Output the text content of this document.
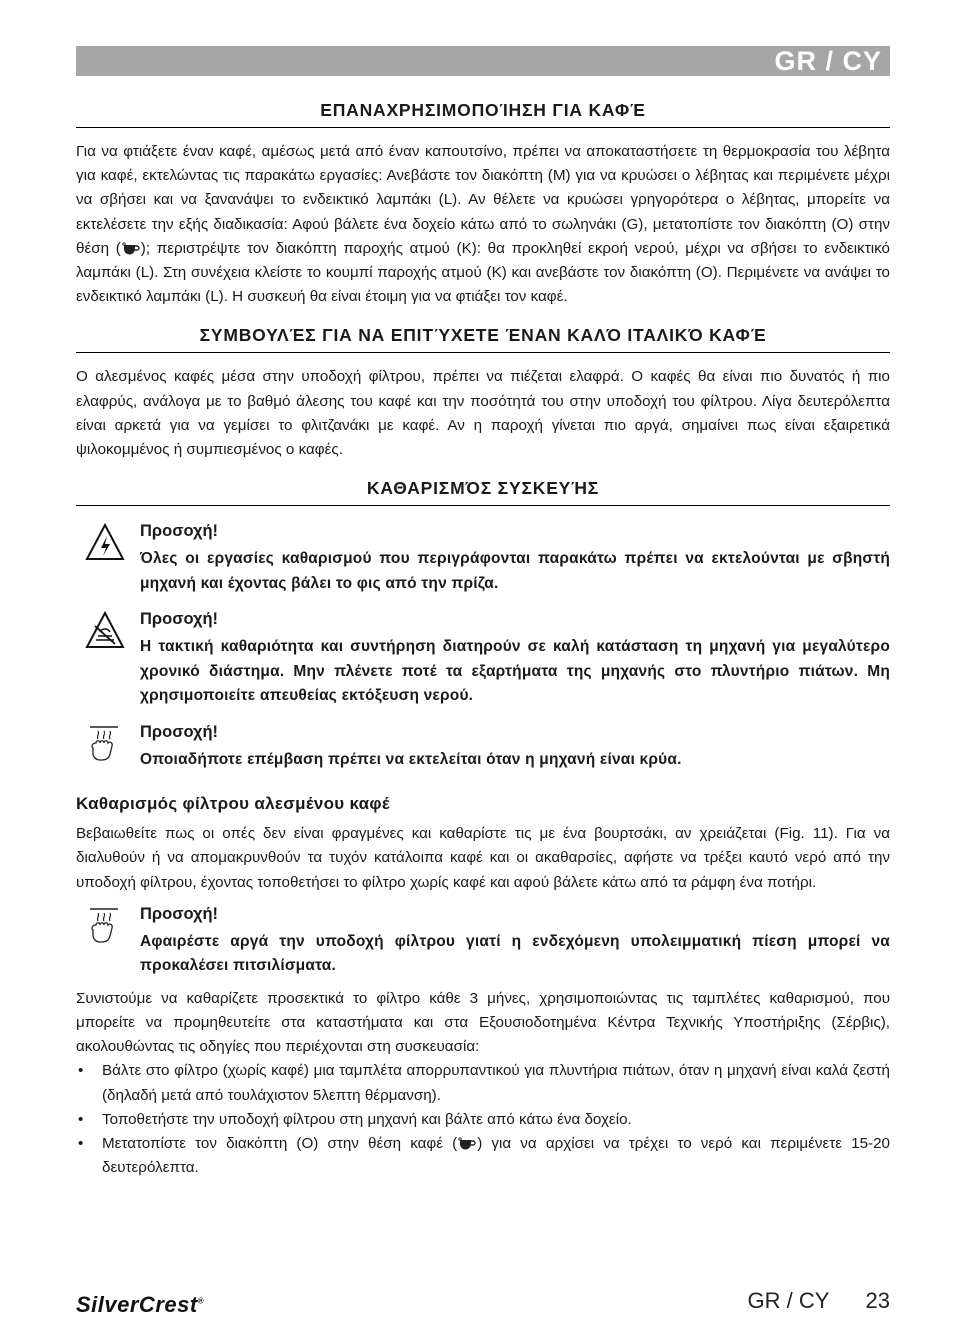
GR / CY
ΕΠΑΝΑΧΡΗΣΙΜΟΠΟΊΗΣΗ ΓΙΑ ΚΑΦΈ

Για να φτιάξετε έναν καφέ, αμέσως μετά από έναν καπουτσίνο, πρέπει να αποκαταστήσετε τη θερμοκρασία του λέβητα για καφέ, εκτελώντας τις παρακάτω εργασίες: Ανεβάστε τον διακόπτη (M) για να κρυώσει ο λέβητας και περιμένετε μέχρι να σβήσει και να ξανανάψει το ενδεικτικό λαμπάκι (L). Αν θέλετε να κρυώσει γρηγορότερα ο λέβητας, μπορείτε να εκτελέσετε την εξής διαδικασία: Αφού βάλετε ένα δοχείο κάτω από το σωληνάκι (G), μετατοπίστε τον διακόπτη (O) στην θέση ( ); περιστρέψτε τον διακόπτη παροχής ατμού (K): θα προκληθεί εκροή νερού, μέχρι να σβήσει το ενδεικτικό λαμπάκι (L). Στη συνέχεια κλείστε το κουμπί παροχής ατμού (K) και ανεβάστε τον διακόπτη (O). Περιμένετε να ανάψει το ενδεικτικό λαμπάκι (L). Η συσκευή θα είναι έτοιμη για να φτιάξει τον καφέ.

ΣΥΜΒΟΥΛΈΣ ΓΙΑ ΝΑ ΕΠΙΤΎΧΕΤΕ ΈΝΑΝ ΚΑΛΌ ΙΤΑΛΙΚΌ ΚΑΦΈ

Ο αλεσμένος καφές μέσα στην υποδοχή φίλτρου, πρέπει να πιέζεται ελαφρά. Ο καφές θα είναι πιο δυνατός ή πιο ελαφρύς, ανάλογα με το βαθμό άλεσης του καφέ και την ποσότητά του στην υποδοχή του φίλτρου. Λίγα δευτερόλεπτα είναι αρκετά για να γεμίσει το φλιτζανάκι με καφέ. Αν η παροχή γίνεται πιο αργά, σημαίνει πως είναι εξαιρετικά ψιλοκομμένος ή συμπιεσμένος ο καφές.

ΚΑΘΑΡΙΣΜΌΣ ΣΥΣΚΕΥΉΣ

Προσοχή!

Όλες οι εργασίες καθαρισμού που περιγράφονται παρακάτω πρέπει να εκτελούνται με σβηστή μηχανή και έχοντας βάλει το φις από την πρίζα.

Προσοχή!

Η τακτική καθαριότητα και συντήρηση διατηρούν σε καλή κατάσταση τη μηχανή για μεγαλύτερο χρονικό διάστημα. Μην πλένετε ποτέ τα εξαρτήματα της μηχανής στο πλυντήριο πιάτων. Μη χρησιμοποιείτε απευθείας εκτόξευση νερού.

Προσοχή!

Οποιαδήποτε επέμβαση πρέπει να εκτελείται όταν η μηχανή είναι κρύα.

Καθαρισμός φίλτρου αλεσμένου καφέ

Βεβαιωθείτε πως οι οπές δεν είναι φραγμένες και καθαρίστε τις με ένα βουρτσάκι, αν χρειάζεται (Fig. 11). Για να διαλυθούν ή να απομακρυνθούν τα τυχόν κατάλοιπα καφέ και οι ακαθαρσίες, αφήστε να τρέξει καυτό νερό από την υποδοχή φίλτρου, έχοντας τοποθετήσει το φίλτρο χωρίς καφέ και αφού βάλετε κάτω από τα ράμφη ένα ποτήρι.

Προσοχή!

Αφαιρέστε αργά την υποδοχή φίλτρου γιατί η ενδεχόμενη υπολειμματική πίεση μπορεί να προκαλέσει πιτσιλίσματα.

Συνιστούμε να καθαρίζετε προσεκτικά το φίλτρο κάθε 3 μήνες, χρησιμοποιώντας τις ταμπλέτες καθαρισμού, που μπορείτε να προμηθευτείτε στα καταστήματα και στα Εξουσιοδοτημένα Κέντρα Τεχνικής Υποστήριξης (Σέρβις), ακολουθώντας τις οδηγίες που περιέχονται στη συσκευασία:

• Βάλτε στο φίλτρο (χωρίς καφέ) μια ταμπλέτα απορρυπαντικού για πλυντήρια πιάτων, όταν η μηχανή είναι καλά ζεστή (δηλαδή μετά από τουλάχιστον 5λεπτη θέρμανση).
• Τοποθετήστε την υποδοχή φίλτρου στη μηχανή και βάλτε από κάτω ένα δοχείο.
• Μετατοπίστε τον διακόπτη (O) στην θέση καφέ ( ) για να αρχίσει να τρέχει το νερό και περιμένετε 15-20 δευτερόλεπτα.
SilverCrest®	GR / CY 23
